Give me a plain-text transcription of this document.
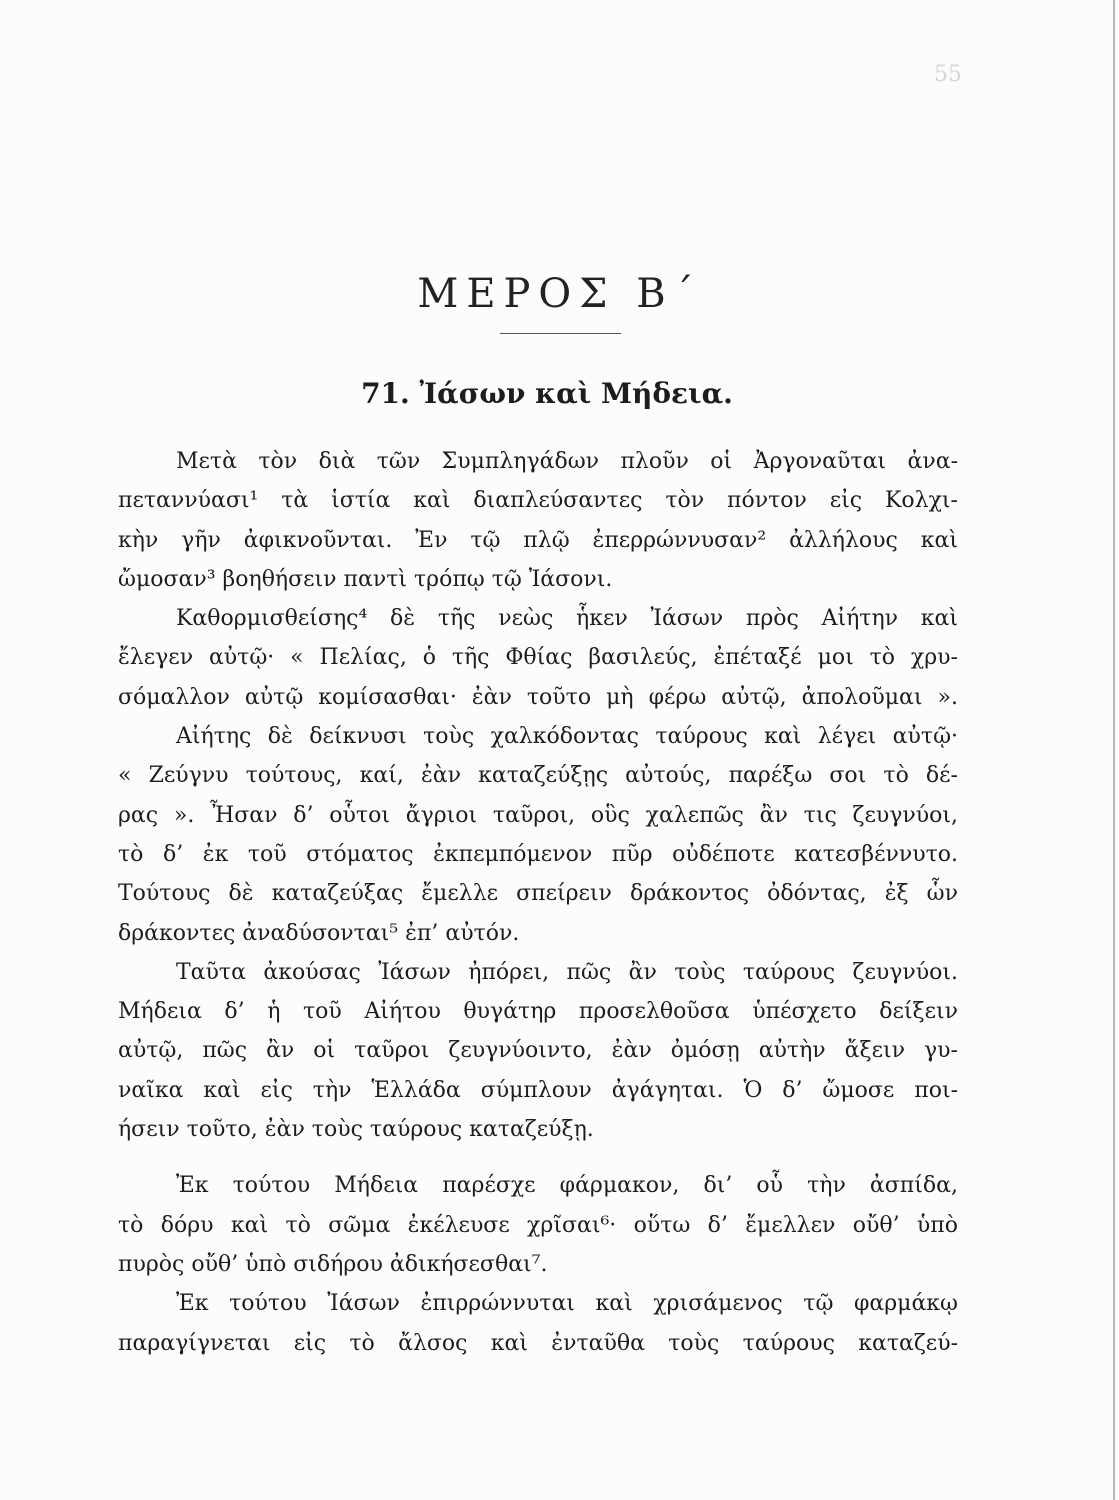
55
ΜΕΡΟΣ Β΄
71. Ἰάσων καὶ Μήδεια.
Μετὰ τὸν διὰ τῶν Συμπληγάδων πλοῦν οἱ Ἀργοναῦται ἀνα-
πεταννύασι¹ τὰ ἱστία καὶ διαπλεύσαντες τὸν πόντον εἰς Κολχι-
κὴν γῆν ἀφικνοῦνται. Ἐν τῷ πλῷ ἐπερρώννυσαν² ἀλλήλους καὶ
ὤμοσαν³ βοηθήσειν παντὶ τρόπῳ τῷ Ἰάσονι.
Καθορμισθείσης⁴ δὲ τῆς νεὼς ἧκεν Ἰάσων πρὸς Αἰήτην καὶ
ἔλεγεν αὐτῷ· « Πελίας, ὁ τῆς Φθίας βασιλεύς, ἐπέταξέ μοι τὸ χρυ-
σόμαλλον αὐτῷ κομίσασθαι· ἐὰν τοῦτο μὴ φέρω αὐτῷ, ἀπολοῦμαι ».
Αἰήτης δὲ δείκνυσι τοὺς χαλκόδοντας ταύρους καὶ λέγει αὐτῷ·
« Ζεύγνυ τούτους, καί, ἐὰν καταζεύξῃς αὐτούς, παρέξω σοι τὸ δέ-
ρας ». Ἦσαν δ’ οὗτοι ἄγριοι ταῦροι, οὓς χαλεπῶς ἂν τις ζευγνύοι,
τὸ δ’ ἐκ τοῦ στόματος ἐκπεμπόμενον πῦρ οὐδέποτε κατεσβέννυτο.
Τούτους δὲ καταζεύξας ἔμελλε σπείρειν δράκοντος ὀδόντας, ἐξ ὧν
δράκοντες ἀναδύσονται⁵ ἐπ’ αὐτόν.
Ταῦτα ἀκούσας Ἰάσων ἠπόρει, πῶς ἂν τοὺς ταύρους ζευγνύοι.
Μήδεια δ’ ἡ τοῦ Αἰήτου θυγάτηρ προσελθοῦσα ὑπέσχετο δείξειν
αὐτῷ, πῶς ἂν οἱ ταῦροι ζευγνύοιντο, ἐὰν ὀμόσῃ αὐτὴν ἄξειν γυ-
ναῖκα καὶ εἰς τὴν Ἑλλάδα σύμπλουν ἀγάγηται. Ὁ δ’ ὤμοσε ποι-
ήσειν τοῦτο, ἐὰν τοὺς ταύρους καταζεύξῃ.
Ἐκ τούτου Μήδεια παρέσχε φάρμακον, δι’ οὗ τὴν ἀσπίδα,
τὸ δόρυ καὶ τὸ σῶμα ἐκέλευσε χρῖσαι⁶· οὕτω δ’ ἔμελλεν οὔθ’ ὑπὸ
πυρὸς οὔθ’ ὑπὸ σιδήρου ἀδικήσεσθαι⁷.
Ἐκ τούτου Ἰάσων ἐπιρρώννυται καὶ χρισάμενος τῷ φαρμάκῳ
παραγίγνεται εἰς τὸ ἄλσος καὶ ἐνταῦθα τοὺς ταύρους καταζεύ-
